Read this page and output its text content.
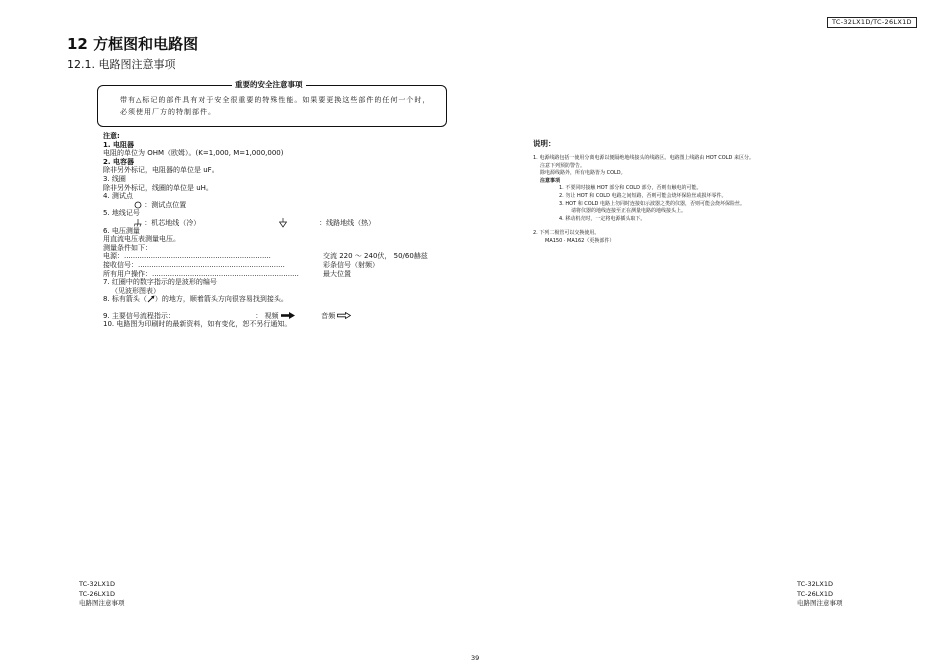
TC-32LX1D/TC-26LX1D
12 方框图和电路图
12.1. 电路图注意事项
重要的安全注意事项
带有△标记的部件具有对于安全很重要的特殊性能。如果要更换这些部件的任何一个时，必须使用厂方的特制部件。
注意:
1. 电阻器
电阻的单位为 OHM（欧姆）。(K=1,000, M=1,000,000)
2. 电容器
除非另外标记，电阻器的单位是 uF。
3. 线圈
除非另外标记，线圈的单位是 uH。
4. 测试点
：测试点位置
5. 地线记号
：机芯地线（冷）	：线路地线（热）
6. 电压测量
用直流电压表测量电压。
测量条件如下：
电源：..................................................................	交流 220 ～ 240伏， 50/60赫兹
接收信号：..................................................................	彩条信号（射频）
所有用户操作：..................................................................	最大位置
7. 红圈中的数字指示的是波形的编号
（见波形图表）
8. 标有箭头（ ）的地方，顺着箭头方向很容易找到接头。
9. 主要信号流程指示：	： 视频	音频
10. 电路图为印刷时的最新资料，如有变化，恕不另行通知。
说明：
1. 电源线路包括一使用分离电源以便隔绝地线接头的线路区。电路图上线路由 HOT COLD 来区分。
注意下列预防警告。
除电源线路外，所有电路皆为 COLD。
注意事项
1. 不要同时接触 HOT 部分和 COLD 部分，否则有触电的可能。
2. 勿让 HOT 和 COLD 电路之间短路，否则可能会烧坏保险丝或损坏零件。
3. HOT 和 COLD 电路上勿同时连接如示波器之类的仪器，否则可能会烧坏保险丝。
请将仪器的地线连接至正在测量电路的地线接头上。
4. 移动机壳时，一定将电源插头取下。
2. 下列二极管可以交换使用。
MA150 · MA162（更换部件）
TC-32LX1D
TC-26LX1D
电路图注意事项
TC-32LX1D
TC-26LX1D
电路图注意事项
39
